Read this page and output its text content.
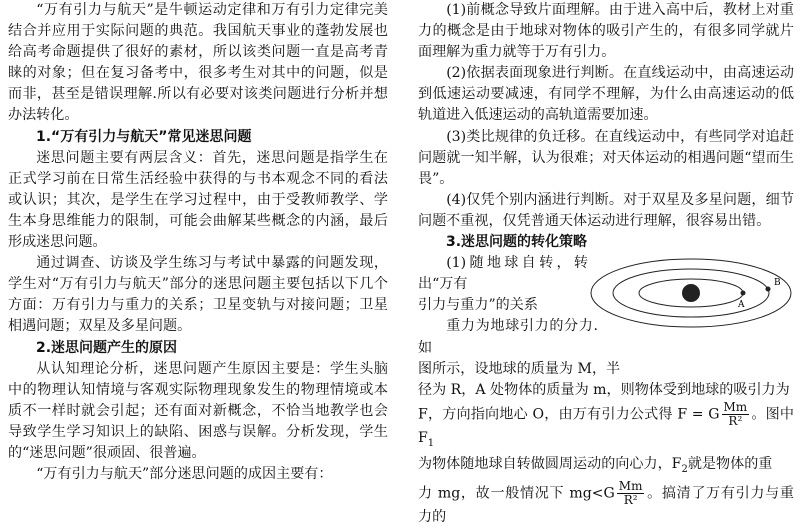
“万有引力与航天”是牛顿运动定律和万有引力定律完美结合并应用于实际问题的典范。我国航天事业的蓬勃发展也给高考命题提供了很好的素材，所以该类问题一直是高考青睐的对象；但在复习备考中，很多考生对其中的问题，似是而非，甚至是错误理解.所以有必要对该类问题进行分析并想办法转化。

1.“万有引力与航天”常见迷思问题

迷思问题主要有两层含义：首先，迷思问题是指学生在正式学习前在日常生活经验中获得的与书本观念不同的看法或认识；其次，是学生在学习过程中，由于受教师教学、学生本身思维能力的限制，可能会曲解某些概念的内涵，最后形成迷思问题。

通过调查、访谈及学生练习与考试中暴露的问题发现，学生对“万有引力与航天”部分的迷思问题主要包括以下几个方面：万有引力与重力的关系；卫星变轨与对接问题；卫星相遇问题；双星及多星问题。

2.迷思问题产生的原因

从认知理论分析，迷思问题产生原因主要是：学生头脑中的物理认知情境与客观实际物理现象发生的物理情境或本质不一样时就会引起；还有面对新概念，不恰当地教学也会导致学生学习知识上的缺陷、困惑与误解。分析发现，学生的“迷思问题”很顽固、很普遍。

“万有引力与航天”部分迷思问题的成因主要有：

(1)前概念导致片面理解。由于进入高中后，教材上对重力的概念是由于地球对物体的吸引产生的，有很多同学就片面理解为重力就等于万有引力。

(2)依据表面现象进行判断。在直线运动中，由高速运动到低速运动要减速，有同学不理解，为什么由高速运动的低轨道进入低速运动的高轨道需要加速。

(3)类比规律的负迁移。在直线运动中，有些同学对追赶问题就一知半解，认为很难；对天体运动的相遇问题“望而生畏”。

(4)仅凭个别内涵进行判断。对于双星及多星问题，细节问题不重视，仅凭普通天体运动进行理解，很容易出错。

3.迷思问题的转化策略

A
B

(1)随地球自转，转出“万有
引力与重力”的关系

重力为地球引力的分力.如

图所示，设地球的质量为 M，半

径为 R，A 处物体的质量为 m，则物体受到地球的吸引力为

F，方向指向地心 O，由万有引力公式得 F = G $\frac{Mm}{\text{R²}}$ 。图中 $F_1$

为物体随地球自转做圆周运动的向心力，$F_2$就是物体的重

力 mg，故一般情况下 $mg<G \frac{Mm}{\text{R²}}$ 。搞清了万有引力与重力的
